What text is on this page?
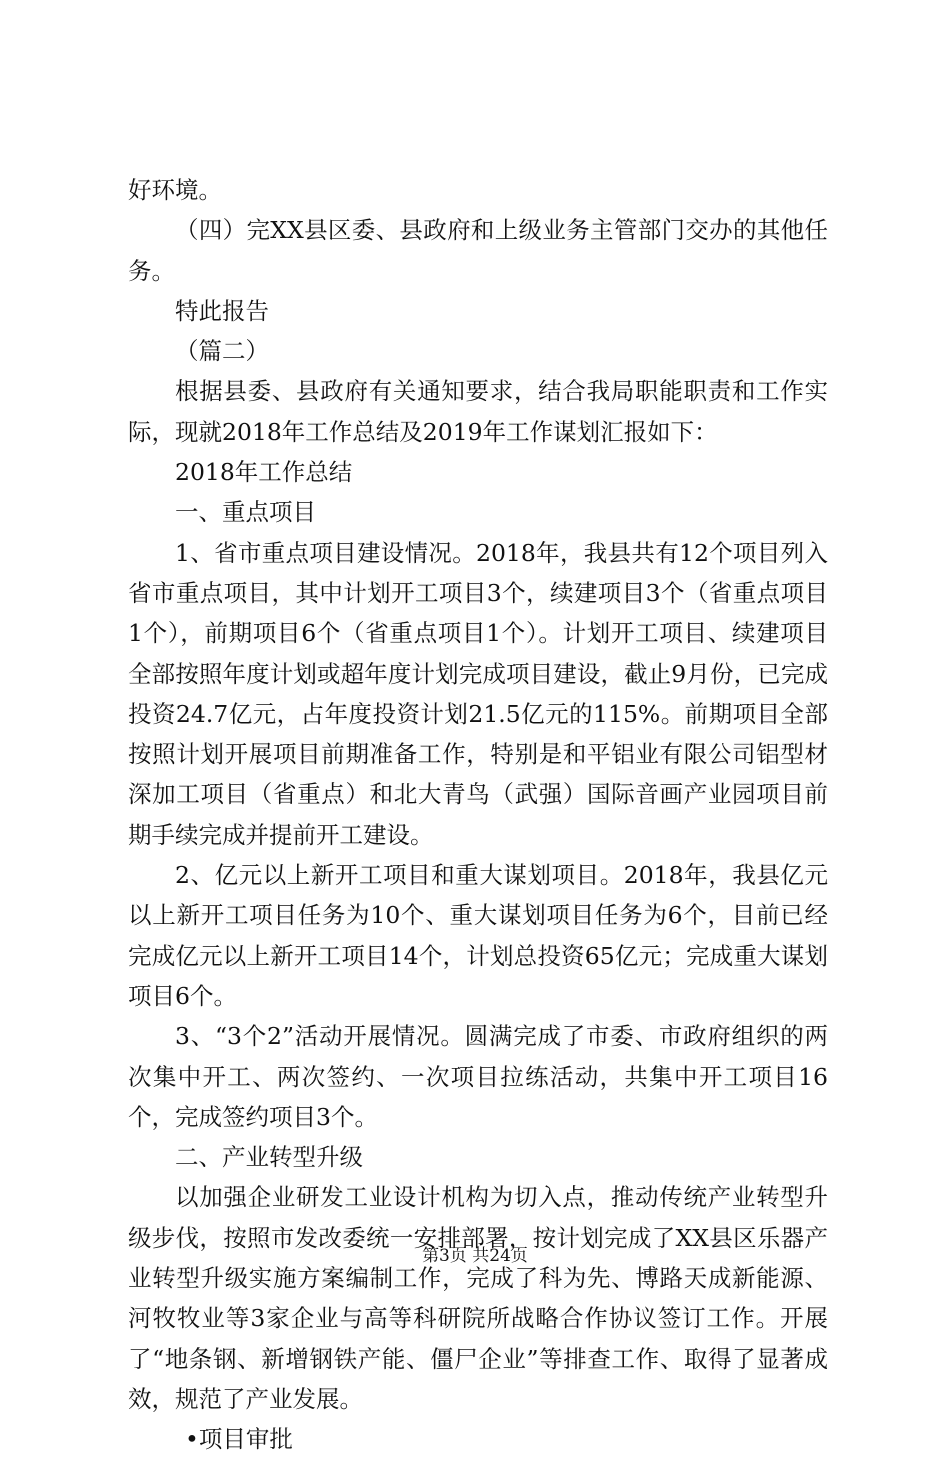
好环境。

（四）完XX县区委、县政府和上级业务主管部门交办的其他任务。

特此报告

（篇二）

根据县委、县政府有关通知要求，结合我局职能职责和工作实际，现就2018年工作总结及2019年工作谋划汇报如下：

2018年工作总结

一、重点项目

1、省市重点项目建设情况。2018年，我县共有12个项目列入省市重点项目，其中计划开工项目3个，续建项目3个（省重点项目1个），前期项目6个（省重点项目1个）。计划开工项目、续建项目全部按照年度计划或超年度计划完成项目建设，截止9月份，已完成投资24.7亿元，占年度投资计划21.5亿元的115%。前期项目全部按照计划开展项目前期准备工作，特别是和平铝业有限公司铝型材深加工项目（省重点）和北大青鸟（武强）国际音画产业园项目前期手续完成并提前开工建设。

2、亿元以上新开工项目和重大谋划项目。2018年，我县亿元以上新开工项目任务为10个、重大谋划项目任务为6个，目前已经完成亿元以上新开工项目14个，计划总投资65亿元；完成重大谋划项目6个。

3、“3个2”活动开展情况。圆满完成了市委、市政府组织的两次集中开工、两次签约、一次项目拉练活动，共集中开工项目16个，完成签约项目3个。

二、产业转型升级

以加强企业研发工业设计机构为切入点，推动传统产业转型升级步伐，按照市发改委统一安排部署，按计划完成了XX县区乐器产业转型升级实施方案编制工作，完成了科为先、博路天成新能源、河牧牧业等3家企业与高等科研院所战略合作协议签订工作。开展了“地条钢、新增钢铁产能、僵尸企业”等排查工作、取得了显著成效，规范了产业发展。

•项目审批

第3页 共24页
